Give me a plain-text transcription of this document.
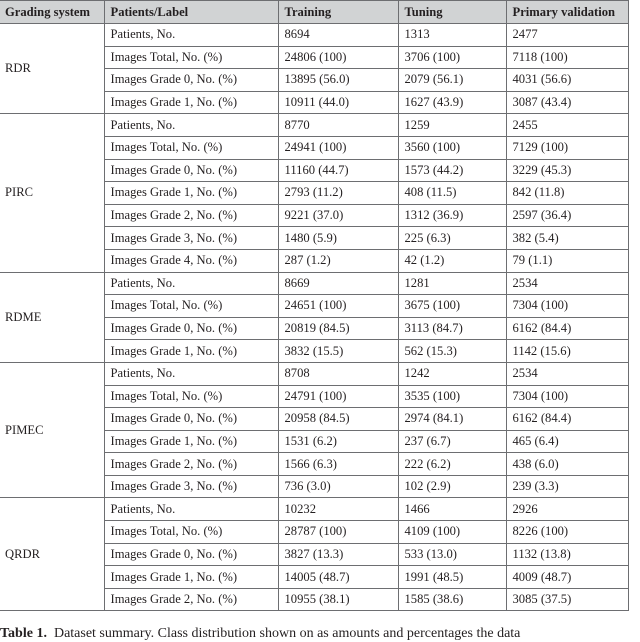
Grading system	Patients/Label	Training	Tuning	Primary validation
RDR	Patients, No.	8694	1313	2477
	Images Total, No. (%)	24806 (100)	3706 (100)	7118 (100)
	Images Grade 0, No. (%)	13895 (56.0)	2079 (56.1)	4031 (56.6)
	Images Grade 1, No. (%)	10911 (44.0)	1627 (43.9)	3087 (43.4)
PIRC	Patients, No.	8770	1259	2455
	Images Total, No. (%)	24941 (100)	3560 (100)	7129 (100)
	Images Grade 0, No. (%)	11160 (44.7)	1573 (44.2)	3229 (45.3)
	Images Grade 1, No. (%)	2793 (11.2)	408 (11.5)	842 (11.8)
	Images Grade 2, No. (%)	9221 (37.0)	1312 (36.9)	2597 (36.4)
	Images Grade 3, No. (%)	1480 (5.9)	225 (6.3)	382 (5.4)
	Images Grade 4, No. (%)	287 (1.2)	42 (1.2)	79 (1.1)
RDME	Patients, No.	8669	1281	2534
	Images Total, No. (%)	24651 (100)	3675 (100)	7304 (100)
	Images Grade 0, No. (%)	20819 (84.5)	3113 (84.7)	6162 (84.4)
	Images Grade 1, No. (%)	3832 (15.5)	562 (15.3)	1142 (15.6)
PIMEC	Patients, No.	8708	1242	2534
	Images Total, No. (%)	24791 (100)	3535 (100)	7304 (100)
	Images Grade 0, No. (%)	20958 (84.5)	2974 (84.1)	6162 (84.4)
	Images Grade 1, No. (%)	1531 (6.2)	237 (6.7)	465 (6.4)
	Images Grade 2, No. (%)	1566 (6.3)	222 (6.2)	438 (6.0)
	Images Grade 3, No. (%)	736 (3.0)	102 (2.9)	239 (3.3)
QRDR	Patients, No.	10232	1466	2926
	Images Total, No. (%)	28787 (100)	4109 (100)	8226 (100)
	Images Grade 0, No. (%)	3827 (13.3)	533 (13.0)	1132 (13.8)
	Images Grade 1, No. (%)	14005 (48.7)	1991 (48.5)	4009 (48.7)
	Images Grade 2, No. (%)	10955 (38.1)	1585 (38.6)	3085 (37.5)
Table 1. Dataset summary. Class distribution shown on as amounts and percentages the data
